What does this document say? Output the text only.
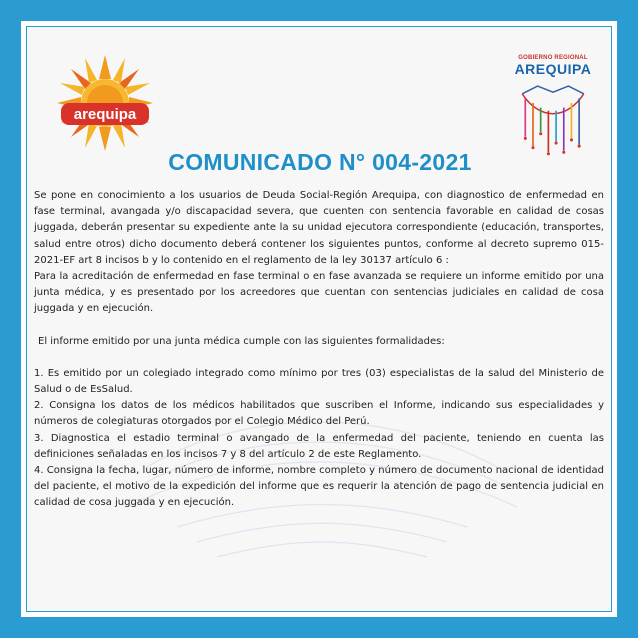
arequipa
GOBIERNO REGIONAL
AREQUIPA
COMUNICADO N° 004-2021

Se pone en conocimiento a los usuarios de Deuda Social-Región Arequipa, con diagnostico de enfermedad en fase terminal, avangada y/o discapacidad severa, que cuenten con sentencia favorable en calidad de cosas juggada, deberán presentar su expediente ante la su unidad ejecutora correspondiente (educación, transportes, salud entre otros) dicho documento deberá contener los siguientes puntos, conforme al decreto supremo 015-2021-EF art 8 incisos b y lo contenido en el reglamento de la ley 30137 artículo 6 :

Para la acreditación de enfermedad en fase terminal o en fase avanzada se requiere un informe emitido por una junta médica, y es presentado por los acreedores que cuentan con sentencias judiciales en calidad de cosa juggada y en ejecución.

El informe emitido por una junta médica cumple con las siguientes formalidades:

1. Es emitido por un colegiado integrado como mínimo por tres (03) especialistas de la salud del Ministerio de Salud o de EsSalud.

2. Consigna los datos de los médicos habilitados que suscriben el Informe, indicando sus especialidades y números de colegiaturas otorgados por el Colegio Médico del Perú.

3. Diagnostica el estadio terminal o avangado de la enfermedad del paciente, teniendo en cuenta las definiciones señaladas en los incisos 7 y 8 del artículo 2 de este Reglamento.

4. Consigna la fecha, lugar, número de informe, nombre completo y número de documento nacional de identidad del paciente, el motivo de la expedición del informe que es requerir la atención de pago de sentencia judicial en calidad de cosa juggada y en ejecución.
